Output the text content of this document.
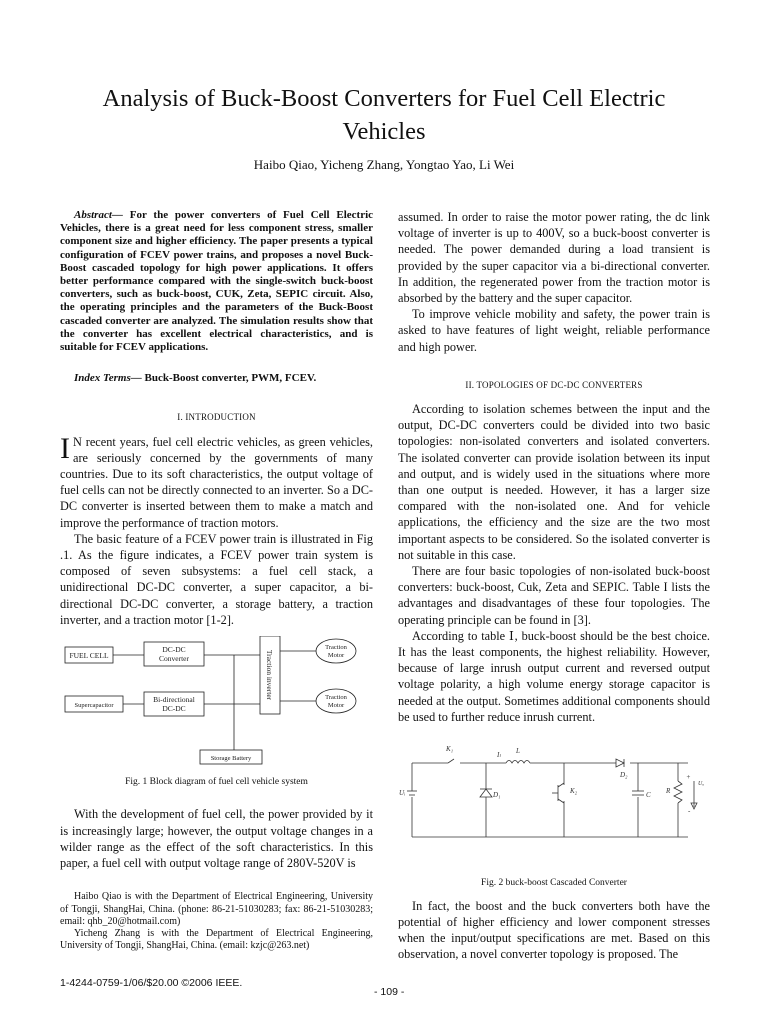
Analysis of Buck-Boost Converters for Fuel Cell Electric Vehicles
Haibo Qiao, Yicheng Zhang, Yongtao Yao, Li Wei

Abstract— For the power converters of Fuel Cell Electric Vehicles, there is a great need for less component stress, smaller component size and higher efficiency. The paper presents a typical configuration of FCEV power trains, and proposes a novel Buck-Boost cascaded topology for high power applications. It offers better performance compared with the single-switch buck-boost converters, such as buck-boost, CUK, Zeta, SEPIC circuit. Also, the operating principles and the parameters of the Buck-Boost cascaded converter are analyzed. The simulation results show that the converter has excellent electrical characteristics, and is suitable for FCEV applications.

Index Terms— Buck-Boost converter, PWM, FCEV.

I. INTRODUCTION

I N recent years, fuel cell electric vehicles, as green vehicles, are seriously concerned by the governments of many countries. Due to its soft characteristics, the output voltage of fuel cells can not be directly connected to an inverter. So a DC-DC converter is inserted between them to make a match and improve the performance of traction motors.

The basic feature of a FCEV power train is illustrated in Fig .1. As the figure indicates, a FCEV power train system is composed of seven subsystems: a fuel cell stack, a unidirectional DC-DC converter, a super capacitor, a bi-directional DC-DC converter, a storage battery, a traction inverter, and a traction motor [1-2].

FUEL CELL
DC-DC
Converter
Supercapacitor
Bi-directional
DC-DC
Traction inverter
Traction
Motor
Traction
Motor
Storage Battery

Fig. 1 Block diagram of fuel cell vehicle system

With the development of fuel cell, the power provided by it is increasingly large; however, the output voltage changes in a wilder range as the effect of the soft characteristics. In this paper, a fuel cell with output voltage range of 280V-520V is

Haibo Qiao is with the Department of Electrical Engineering, University of Tongji, ShangHai, China. (phone: 86-21-51030283; fax: 86-21-51030283; email: qhb_20@hotmail.com)

Yicheng Zhang is with the Department of Electrical Engineering, University of Tongji, ShangHai, China. (email: kzjc@263.net)

assumed. In order to raise the motor power rating, the dc link voltage of inverter is up to 400V, so a buck-boost converter is needed. The power demanded during a load transient is provided by the super capacitor via a bi-directional converter. In addition, the regenerated power from the traction motor is absorbed by the battery and the super capacitor.

To improve vehicle mobility and safety, the power train is asked to have features of light weight, reliable performance and high power.

II. TOPOLOGIES OF DC-DC CONVERTERS

According to isolation schemes between the input and the output, DC-DC converters could be divided into two basic topologies: non-isolated converters and isolated converters. The isolated converter can provide isolation between its input and output, and is widely used in the situations where more than one output is needed. However, it has a larger size compared with the non-isolated one. And for vehicle applications, the efficiency and the size are the two most important aspects to be considered. So the isolated converter is not suitable in this case.

There are four basic topologies of non-isolated buck-boost converters: buck-boost, Cuk, Zeta and SEPIC. Table I lists the advantages and disadvantages of these four topologies. The operating principle can be found in [3].

According to table Ⅰ, buck-boost should be the best choice. It has the least components, the highest reliability. However, because of large inrush output current and reversed output voltage polarity, a high volume energy storage capacitor is needed at the output. Sometimes additional components should be used to further reduce inrush current.

K₁
Iₗ L
D₂
Uᵢ	D₁	K₂	C R
Uₒ
+
-

Fig. 2 buck-boost Cascaded Converter

In fact, the boost and the buck converters both have the potential of higher efficiency and lower component stresses when the input/output specifications are met. Based on this observation, a novel converter topology is proposed. The

1-4244-0759-1/06/$20.00 ©2006 IEEE.
- 109 -
